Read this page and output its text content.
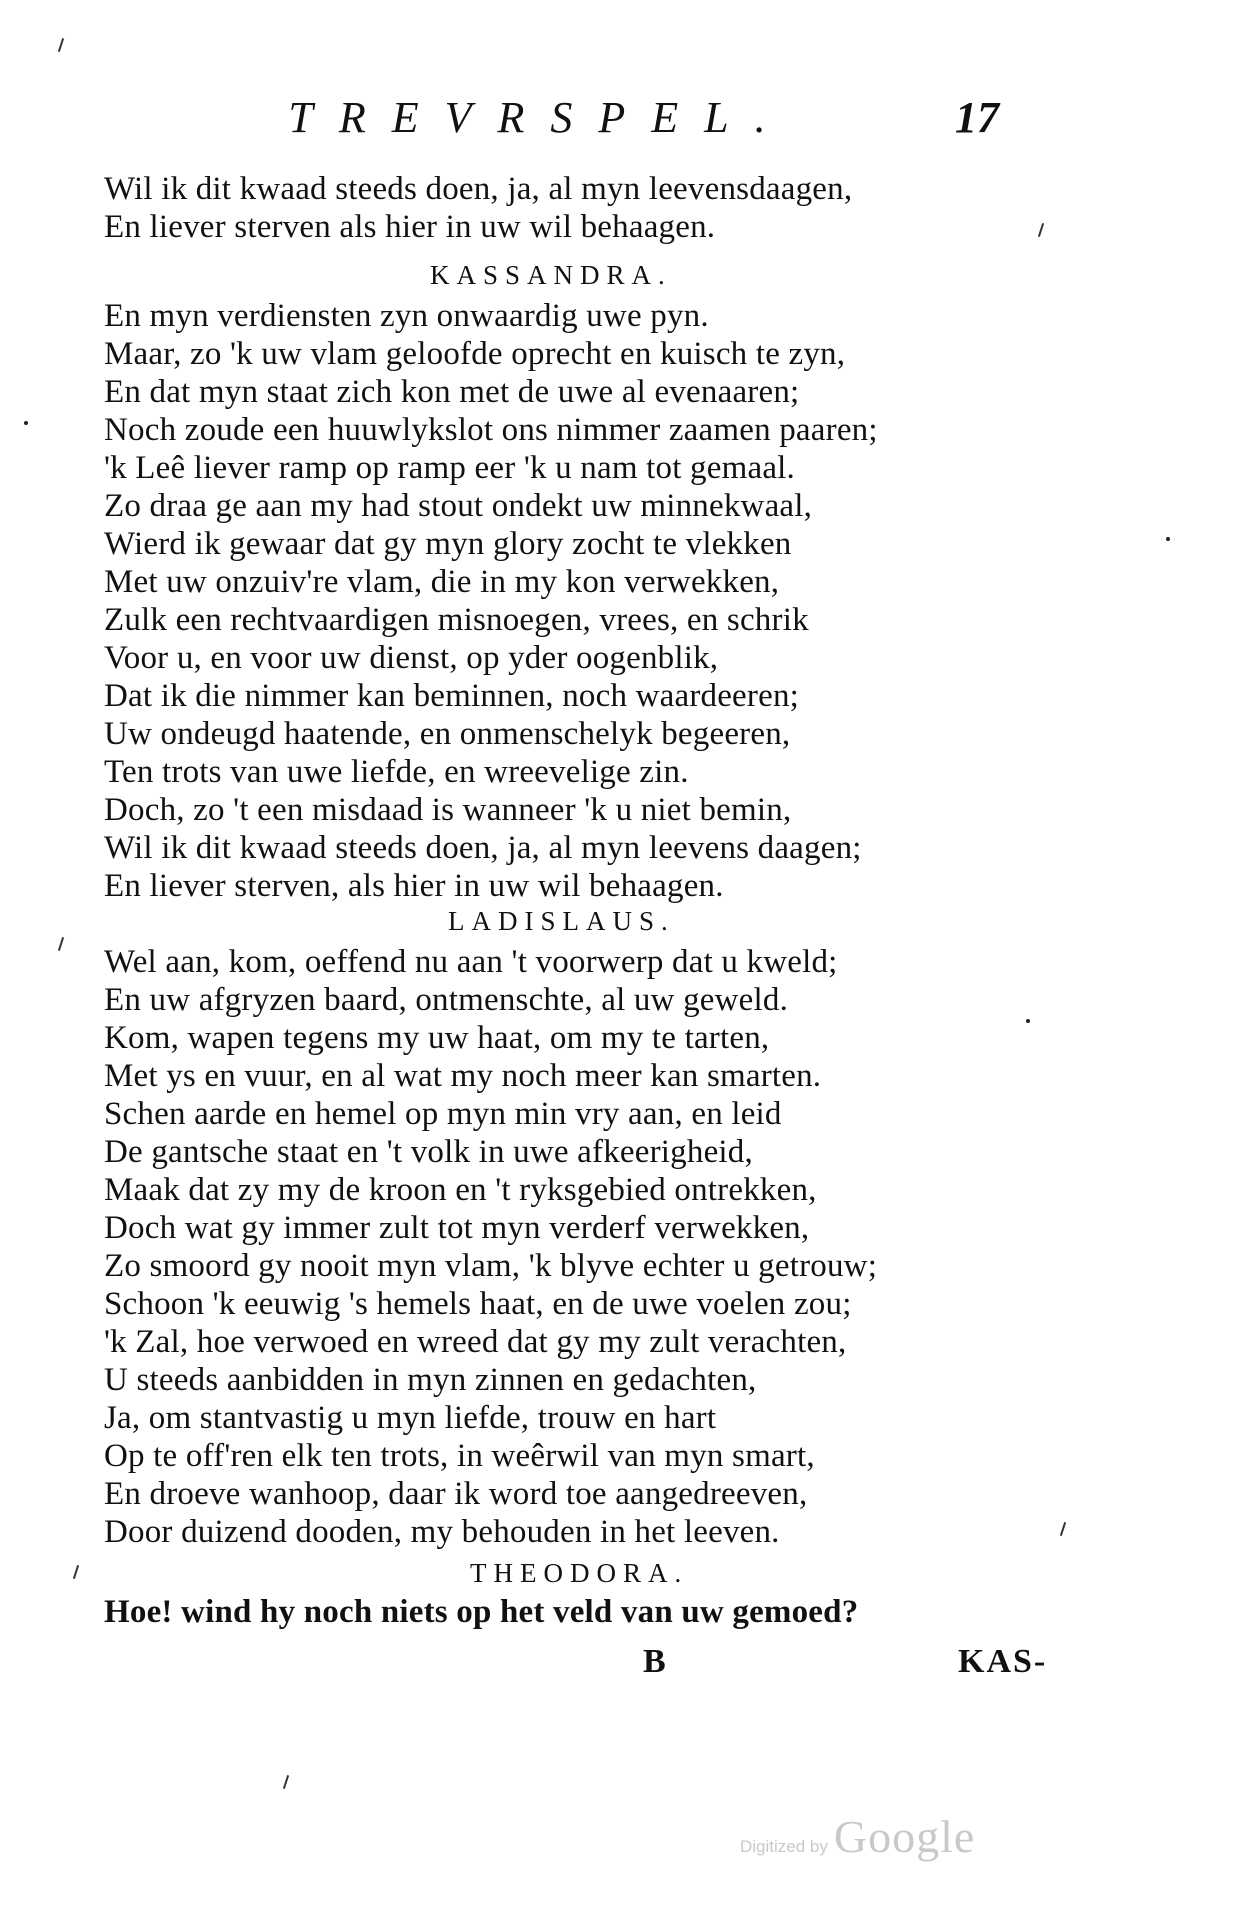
TREVRSPEL.	17
Wil ik dit kwaad steeds doen, ja, al myn leevensdaagen,
En liever sterven als hier in uw wil behaagen.
KASSANDRA.
En myn verdiensten zyn onwaardig uwe pyn.
Maar, zo 'k uw vlam geloofde oprecht en kuisch te zyn,
En dat myn staat zich kon met de uwe al evenaaren;
Noch zoude een huuwlykslot ons nimmer zaamen paaren;
'k Leê liever ramp op ramp eer 'k u nam tot gemaal.
Zo draa ge aan my had stout ondekt uw minnekwaal,
Wierd ik gewaar dat gy myn glory zocht te vlekken
Met uw onzuiv're vlam, die in my kon verwekken,
Zulk een rechtvaardigen misnoegen, vrees, en schrik
Voor u, en voor uw dienst, op yder oogenblik,
Dat ik die nimmer kan beminnen, noch waardeeren;
Uw ondeugd haatende, en onmenschelyk begeeren,
Ten trots van uwe liefde, en wreevelige zin.
Doch, zo 't een misdaad is wanneer 'k u niet bemin,
Wil ik dit kwaad steeds doen, ja, al myn leevens daagen;
En liever sterven, als hier in uw wil behaagen.
LADISLAUS.
Wel aan, kom, oeffend nu aan 't voorwerp dat u kweld;
En uw afgryzen baard, ontmenschte, al uw geweld.
Kom, wapen tegens my uw haat, om my te tarten,
Met ys en vuur, en al wat my noch meer kan smarten.
Schen aarde en hemel op myn min vry aan, en leid
De gantsche staat en 't volk in uwe afkeerigheid,
Maak dat zy my de kroon en 't ryksgebied ontrekken,
Doch wat gy immer zult tot myn verderf verwekken,
Zo smoord gy nooit myn vlam, 'k blyve echter u getrouw;
Schoon 'k eeuwig 's hemels haat, en de uwe voelen zou;
'k Zal, hoe verwoed en wreed dat gy my zult verachten,
U steeds aanbidden in myn zinnen en gedachten,
Ja, om stantvastig u myn liefde, trouw en hart
Op te off'ren elk ten trots, in weêrwil van myn smart,
En droeve wanhoop, daar ik word toe aangedreeven,
Door duizend dooden, my behouden in het leeven.
THEODORA.
Hoe! wind hy noch niets op het veld van uw gemoed?
B	KAS-
Digitized by Google
